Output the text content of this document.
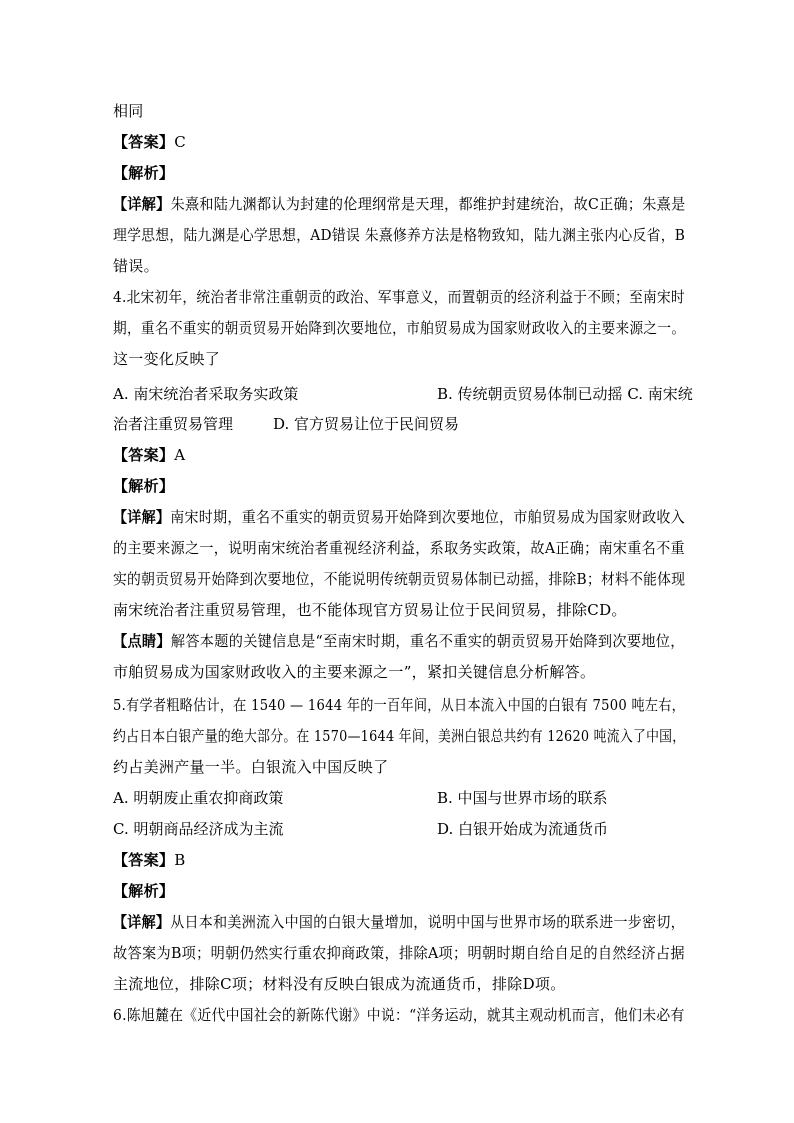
相同
【答案】C
【解析】
【详解】朱熹和陆九渊都认为封建的伦理纲常是天理，都维护封建统治，故C正确；朱熹是
理学思想，陆九渊是心学思想，AD错误 朱熹修养方法是格物致知，陆九渊主张内心反省，B
错误。
4.北宋初年，统治者非常注重朝贡的政治、军事意义，而置朝贡的经济利益于不顾；至南宋时
期，重名不重实的朝贡贸易开始降到次要地位，市舶贸易成为国家财政收入的主要来源之一。
这一变化反映了
A. 南宋统治者采取务实政策	B. 传统朝贡贸易体制已动摇 C. 南宋统
治者注重贸易管理	D. 官方贸易让位于民间贸易
【答案】A
【解析】
【详解】南宋时期，重名不重实的朝贡贸易开始降到次要地位，市舶贸易成为国家财政收入
的主要来源之一，说明南宋统治者重视经济利益，系取务实政策，故A正确；南宋重名不重
实的朝贡贸易开始降到次要地位，不能说明传统朝贡贸易体制已动摇，排除B；材料不能体现
南宋统治者注重贸易管理，也不能体现官方贸易让位于民间贸易，排除CD。
【点睛】解答本题的关键信息是“至南宋时期，重名不重实的朝贡贸易开始降到次要地位，
市舶贸易成为国家财政收入的主要来源之一”，紧扣关键信息分析解答。
5.有学者粗略估计，在 1540 — 1644 年的一百年间，从日本流入中国的白银有 7500 吨左右，
约占日本白银产量的绝大部分。在 1570—1644 年间，美洲白银总共约有 12620 吨流入了中国，
约占美洲产量一半。白银流入中国反映了
A. 明朝废止重农抑商政策	B. 中国与世界市场的联系
C. 明朝商品经济成为主流	D. 白银开始成为流通货币
【答案】B
【解析】
【详解】从日本和美洲流入中国的白银大量增加，说明中国与世界市场的联系进一步密切，
故答案为B项；明朝仍然实行重农抑商政策，排除A项；明朝时期自给自足的自然经济占据
主流地位，排除C项；材料没有反映白银成为流通货币，排除D项。
6.陈旭麓在《近代中国社会的新陈代谢》中说：“洋务运动，就其主观动机而言，他们未必有
